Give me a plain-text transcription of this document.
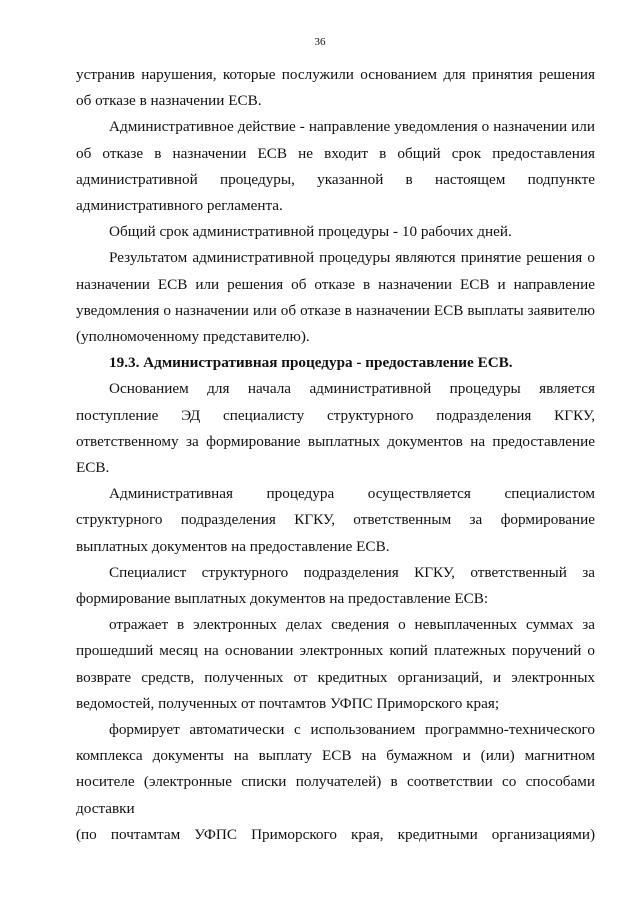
36

устранив нарушения, которые послужили основанием для принятия решения об отказе в назначении ЕСВ.

Административное действие - направление уведомления о назначении или об отказе в назначении ЕСВ не входит в общий срок предоставления административной процедуры, указанной в настоящем подпункте административного регламента.

Общий срок административной процедуры - 10 рабочих дней.

Результатом административной процедуры являются принятие решения о назначении ЕСВ или решения об отказе в назначении ЕСВ и направление уведомления о назначении или об отказе в назначении ЕСВ выплаты заявителю (уполномоченному представителю).

19.3. Административная процедура - предоставление ЕСВ.

Основанием для начала административной процедуры является поступление ЭД специалисту структурного подразделения КГКУ, ответственному за формирование выплатных документов на предоставление ЕСВ.

Административная процедура осуществляется специалистом структурного подразделения КГКУ, ответственным за формирование выплатных документов на предоставление ЕСВ.

Специалист структурного подразделения КГКУ, ответственный за формирование выплатных документов на предоставление ЕСВ:

отражает в электронных делах сведения о невыплаченных суммах за прошедший месяц на основании электронных копий платежных поручений о возврате средств, полученных от кредитных организаций, и электронных ведомостей, полученных от почтамтов УФПС Приморского края;

формирует автоматически с использованием программно-технического комплекса документы на выплату ЕСВ на бумажном и (или) магнитном носителе (электронные списки получателей) в соответствии со способами доставки

(по почтамтам УФПС Приморского края, кредитными организациями)
